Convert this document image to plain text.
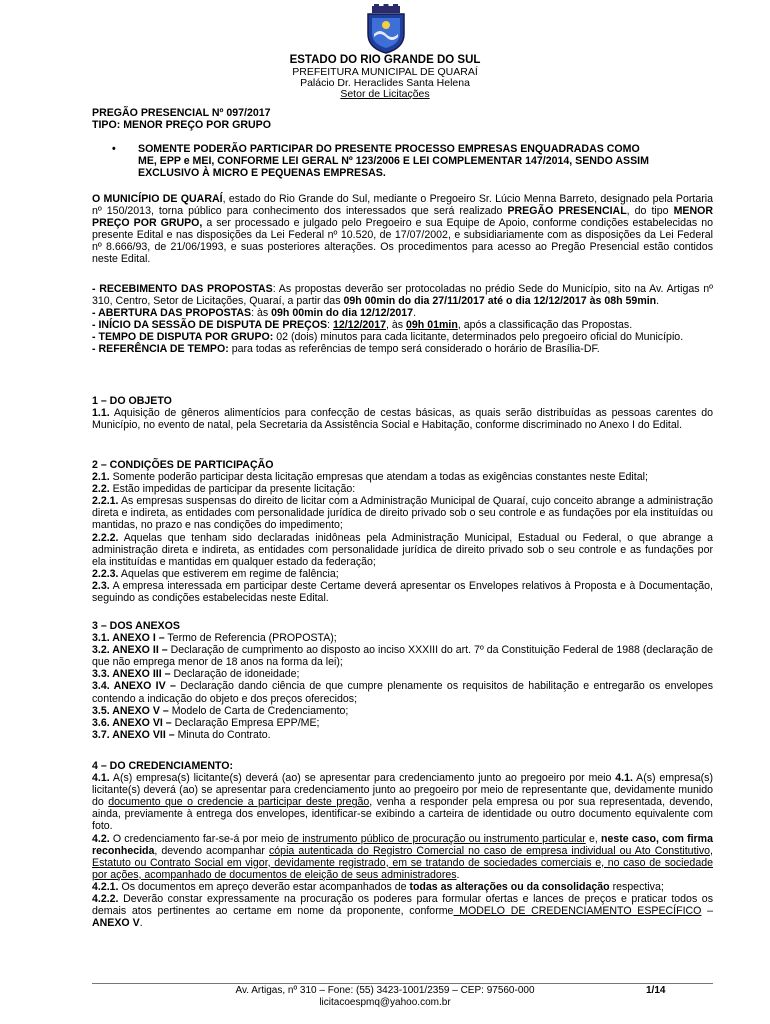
ESTADO DO RIO GRANDE DO SUL
PREFEITURA MUNICIPAL DE QUARAÍ
Palácio Dr. Heraclides Santa Helena
Setor de Licitações

PREGÃO PRESENCIAL Nº 097/2017

TIPO: MENOR PREÇO POR GRUPO

• SOMENTE PODERÃO PARTICIPAR DO PRESENTE PROCESSO EMPRESAS ENQUADRADAS COMO
ME, EPP e MEI, CONFORME LEI GERAL Nº 123/2006 E LEI COMPLEMENTAR 147/2014, SENDO ASSIM
EXCLUSIVO À MICRO E PEQUENAS EMPRESAS.

O MUNICÍPIO DE QUARAÍ, estado do Rio Grande do Sul, mediante o Pregoeiro Sr. Lúcio Menna Barreto, designado pela Portaria nº 150/2013, torna público para conhecimento dos interessados que será realizado PREGÃO PRESENCIAL, do tipo MENOR PREÇO POR GRUPO, a ser processado e julgado pelo Pregoeiro e sua Equipe de Apoio, conforme condições estabelecidas no presente Edital e nas disposições da Lei Federal nº 10.520, de 17/07/2002, e subsidiariamente com as disposições da Lei Federal nº 8.666/93, de 21/06/1993, e suas posteriores alterações. Os procedimentos para acesso ao Pregão Presencial estão contidos neste Edital.

- RECEBIMENTO DAS PROPOSTAS: As propostas deverão ser protocoladas no prédio Sede do Município, sito na Av. Artigas nº 310, Centro, Setor de Licitações, Quaraí, a partir das 09h 00min do dia 27/11/2017 até o dia 12/12/2017 às 08h 59min.

- ABERTURA DAS PROPOSTAS: às 09h 00min do dia 12/12/2017.

- INÍCIO DA SESSÃO DE DISPUTA DE PREÇOS: 12/12/2017, às 09h 01min, após a classificação das Propostas.

- TEMPO DE DISPUTA POR GRUPO: 02 (dois) minutos para cada licitante, determinados pelo pregoeiro oficial do Município.

- REFERÊNCIA DE TEMPO: para todas as referências de tempo será considerado o horário de Brasília-DF.

1 – DO OBJETO

1.1. Aquisição de gêneros alimentícios para confecção de cestas básicas, as quais serão distribuídas as pessoas carentes do Município, no evento de natal, pela Secretaria da Assistência Social e Habitação, conforme discriminado no Anexo I do Edital.

2 – CONDIÇÕES DE PARTICIPAÇÃO

2.1. Somente poderão participar desta licitação empresas que atendam a todas as exigências constantes neste Edital;

2.2. Estão impedidas de participar da presente licitação:

2.2.1. As empresas suspensas do direito de licitar com a Administração Municipal de Quaraí, cujo conceito abrange a administração direta e indireta, as entidades com personalidade jurídica de direito privado sob o seu controle e as fundações por ela instituídas ou mantidas, no prazo e nas condições do impedimento;

2.2.2. Aquelas que tenham sido declaradas inidôneas pela Administração Municipal, Estadual ou Federal, o que abrange a administração direta e indireta, as entidades com personalidade jurídica de direito privado sob o seu controle e as fundações por ela instituídas e mantidas em qualquer estado da federação;

2.2.3. Aquelas que estiverem em regime de falência;

2.3. A empresa interessada em participar deste Certame deverá apresentar os Envelopes relativos à Proposta e à Documentação, seguindo as condições estabelecidas neste Edital.

3 – DOS ANEXOS

3.1. ANEXO I – Termo de Referencia (PROPOSTA);

3.2. ANEXO II – Declaração de cumprimento ao disposto ao inciso XXXIII do art. 7º da Constituição Federal de 1988 (declaração de que não emprega menor de 18 anos na forma da lei);

3.3. ANEXO III – Declaração de idoneidade;

3.4. ANEXO IV – Declaração dando ciência de que cumpre plenamente os requisitos de habilitação e entregarão os envelopes contendo a indicação do objeto e dos preços oferecidos;

3.5. ANEXO V – Modelo de Carta de Credenciamento;

3.6. ANEXO VI – Declaração Empresa EPP/ME;

3.7. ANEXO VII – Minuta do Contrato.

4 – DO CREDENCIAMENTO:

4.1. A(s) empresa(s) licitante(s) deverá (ao) se apresentar para credenciamento junto ao pregoeiro por meio 4.1. A(s) empresa(s) licitante(s) deverá (ao) se apresentar para credenciamento junto ao pregoeiro por meio de representante que, devidamente munido do documento que o credencie a participar deste pregão, venha a responder pela empresa ou por sua representada, devendo, ainda, previamente à entrega dos envelopes, identificar-se exibindo a carteira de identidade ou outro documento equivalente com foto.

4.2. O credenciamento far-se-á por meio de instrumento público de procuração ou instrumento particular e, neste caso, com firma reconhecida, devendo acompanhar cópia autenticada do Registro Comercial no caso de empresa individual ou Ato Constitutivo, Estatuto ou Contrato Social em vigor, devidamente registrado, em se tratando de sociedades comerciais e, no caso de sociedade por ações, acompanhado de documentos de eleição de seus administradores.

4.2.1. Os documentos em apreço deverão estar acompanhados de todas as alterações ou da consolidação respectiva;

4.2.2. Deverão constar expressamente na procuração os poderes para formular ofertas e lances de preços e praticar todos os demais atos pertinentes ao certame em nome da proponente, conforme MODELO DE CREDENCIAMENTO ESPECÍFICO – ANEXO V.

Av. Artigas, nº 310 – Fone: (55) 3423-1001/2359 – CEP: 97560-000	1/14
licitacoespmq@yahoo.com.br
